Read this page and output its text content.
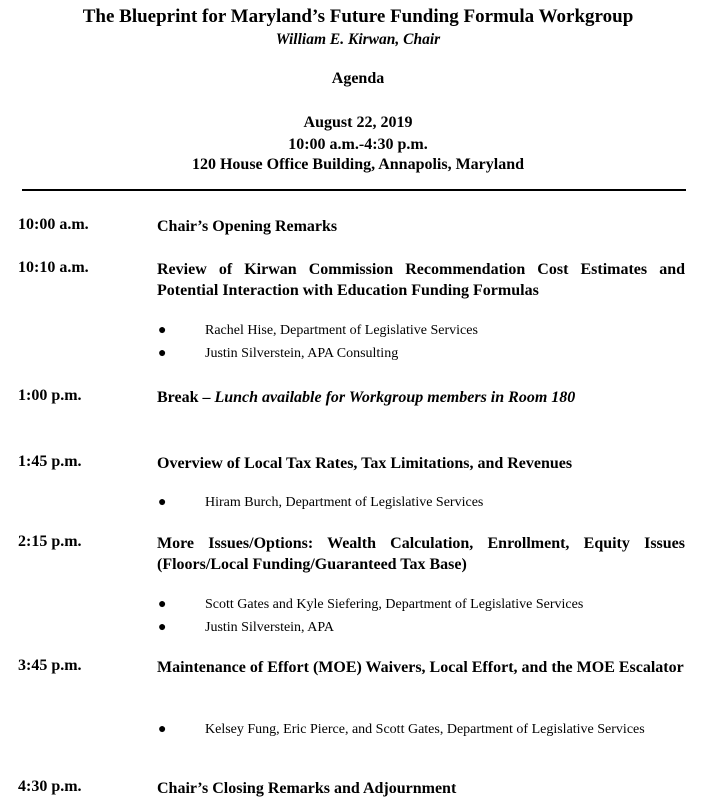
The Blueprint for Maryland’s Future Funding Formula Workgroup
William E. Kirwan, Chair
Agenda
August 22, 2019
10:00 a.m.-4:30 p.m.
120 House Office Building, Annapolis, Maryland
10:00 a.m.	Chair’s Opening Remarks
10:10 a.m.	Review of Kirwan Commission Recommendation Cost Estimates and Potential Interaction with Education Funding Formulas
●	Rachel Hise, Department of Legislative Services
●	Justin Silverstein, APA Consulting
1:00 p.m.	Break – Lunch available for Workgroup members in Room 180
1:45 p.m.	Overview of Local Tax Rates, Tax Limitations, and Revenues
●	Hiram Burch, Department of Legislative Services
2:15 p.m.	More Issues/Options: Wealth Calculation, Enrollment, Equity Issues (Floors/Local Funding/Guaranteed Tax Base)
●	Scott Gates and Kyle Siefering, Department of Legislative Services
●	Justin Silverstein, APA
3:45 p.m.	Maintenance of Effort (MOE) Waivers, Local Effort, and the MOE Escalator
●	Kelsey Fung, Eric Pierce, and Scott Gates, Department of Legislative Services
4:30 p.m.	Chair’s Closing Remarks and Adjournment
